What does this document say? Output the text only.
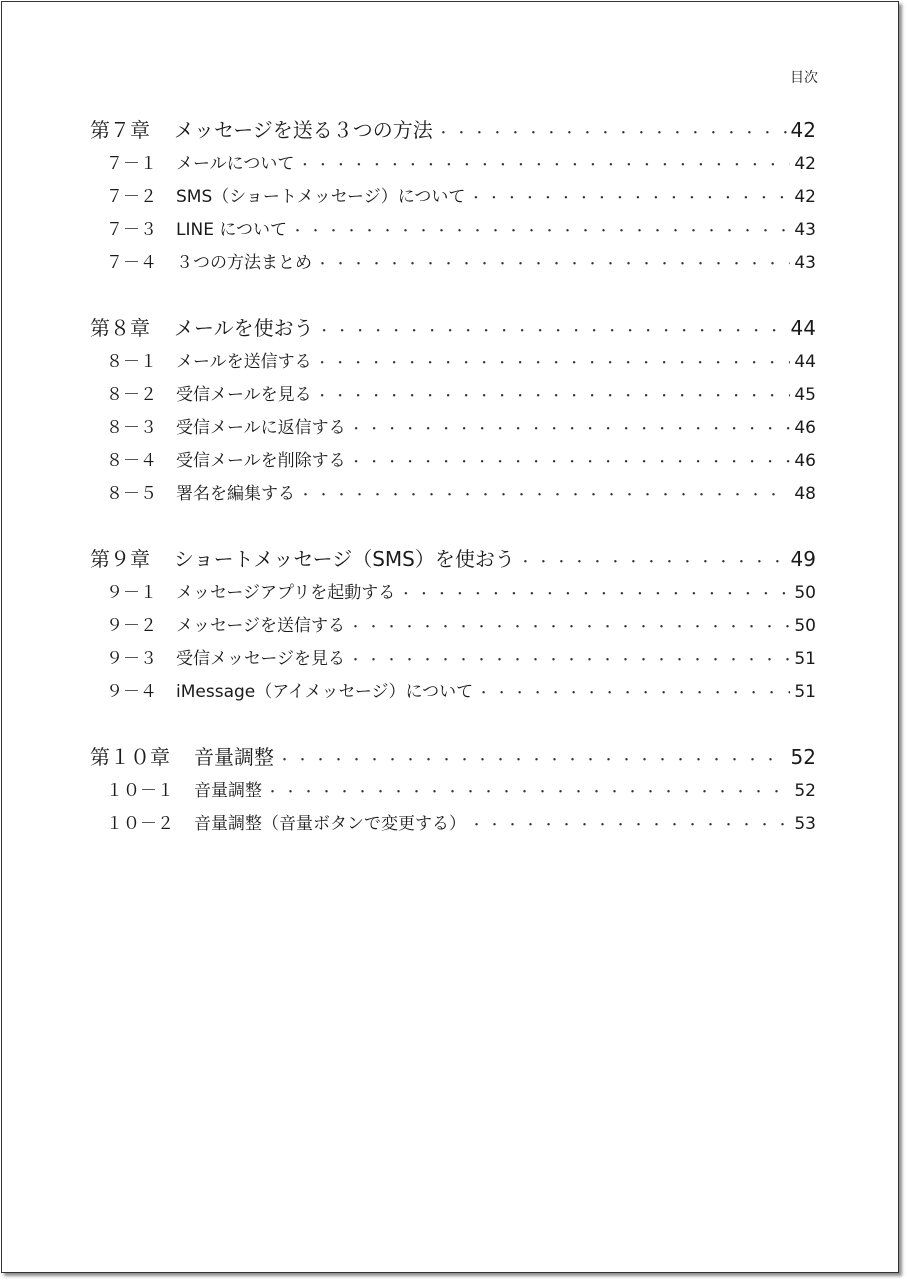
目次
第７章	メッセージを送る３つの方法 ・・・・・・・・・・・・・・・・・・・・・・・・・・・・・・・・・・・・・・・・・・・・・・・・・・・・	42
７－１	メールについて ・・・・・・・・・・・・・・・・・・・・・・・・・・・・・・・・・・・・・・・・・・・・・・・・・・・・	42
７－２	SMS（ショートメッセージ）について ・・・・・・・・・・・・・・・・・・・・・・・・・・・・・・・・・・・・・・・・・・・・・・・・・・・・	42
７－３	LINE について ・・・・・・・・・・・・・・・・・・・・・・・・・・・・・・・・・・・・・・・・・・・・・・・・・・・・	43
７－４	３つの方法まとめ ・・・・・・・・・・・・・・・・・・・・・・・・・・・・・・・・・・・・・・・・・・・・・・・・・・・・	43
第８章	メールを使おう ・・・・・・・・・・・・・・・・・・・・・・・・・・・・・・・・・・・・・・・・・・・・・・・・・・・・	44
８－１	メールを送信する ・・・・・・・・・・・・・・・・・・・・・・・・・・・・・・・・・・・・・・・・・・・・・・・・・・・・	44
８－２	受信メールを見る ・・・・・・・・・・・・・・・・・・・・・・・・・・・・・・・・・・・・・・・・・・・・・・・・・・・・	45
８－３	受信メールに返信する ・・・・・・・・・・・・・・・・・・・・・・・・・・・・・・・・・・・・・・・・・・・・・・・・・・・・	46
８－４	受信メールを削除する ・・・・・・・・・・・・・・・・・・・・・・・・・・・・・・・・・・・・・・・・・・・・・・・・・・・・	46
８－５	署名を編集する ・・・・・・・・・・・・・・・・・・・・・・・・・・・・・・・・・・・・・・・・・・・・・・・・・・・・	48
第９章	ショートメッセージ（SMS）を使おう ・・・・・・・・・・・・・・・・・・・・・・・・・・・・・・・・・・・・・・・・・・・・・・・・・・・・	49
９－１	メッセージアプリを起動する ・・・・・・・・・・・・・・・・・・・・・・・・・・・・・・・・・・・・・・・・・・・・・・・・・・・・	50
９－２	メッセージを送信する ・・・・・・・・・・・・・・・・・・・・・・・・・・・・・・・・・・・・・・・・・・・・・・・・・・・・	50
９－３	受信メッセージを見る ・・・・・・・・・・・・・・・・・・・・・・・・・・・・・・・・・・・・・・・・・・・・・・・・・・・・	51
９－４	iMessage（アイメッセージ）について ・・・・・・・・・・・・・・・・・・・・・・・・・・・・・・・・・・・・・・・・・・・・・・・・・・・・	51
第１０章	音量調整 ・・・・・・・・・・・・・・・・・・・・・・・・・・・・・・・・・・・・・・・・・・・・・・・・・・・・	52
１０－１	音量調整 ・・・・・・・・・・・・・・・・・・・・・・・・・・・・・・・・・・・・・・・・・・・・・・・・・・・・	52
１０－２	音量調整（音量ボタンで変更する） ・・・・・・・・・・・・・・・・・・・・・・・・・・・・・・・・・・・・・・・・・・・・・・・・・・・・	53
